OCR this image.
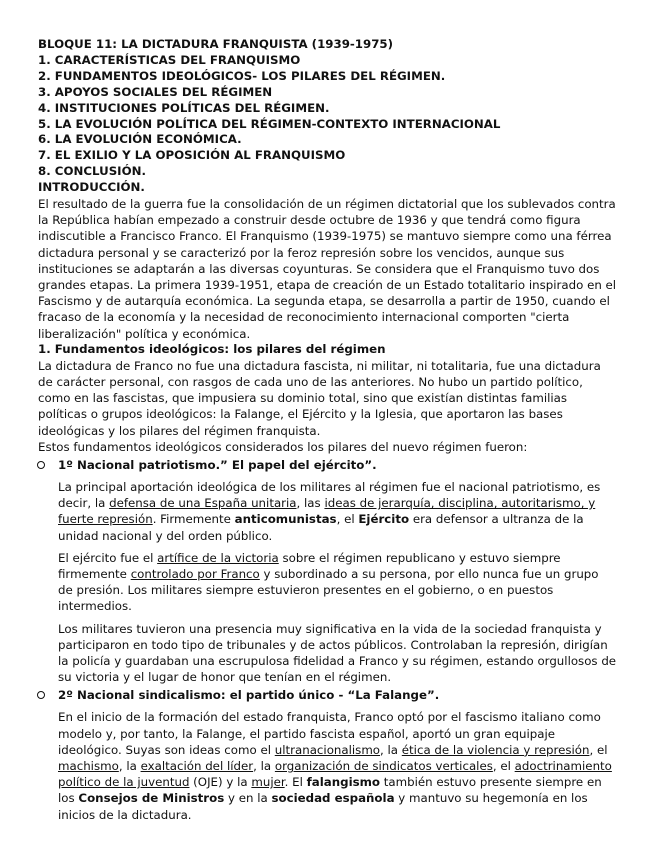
BLOQUE 11: LA DICTADURA FRANQUISTA (1939-1975)
1. CARACTERÍSTICAS DEL FRANQUISMO
2. FUNDAMENTOS IDEOLÓGICOS- LOS PILARES DEL RÉGIMEN.
3. APOYOS SOCIALES DEL RÉGIMEN
4. INSTITUCIONES POLÍTICAS DEL RÉGIMEN.
5. LA EVOLUCIÓN POLÍTICA DEL RÉGIMEN-CONTEXTO INTERNACIONAL
6. LA EVOLUCIÓN ECONÓMICA.
7. EL EXILIO Y LA OPOSICIÓN AL FRANQUISMO
8. CONCLUSIÓN.
INTRODUCCIÓN.
El resultado de la guerra fue la consolidación de un régimen dictatorial que los sublevados contra
la República habían empezado a construir desde octubre de 1936 y que tendrá como figura
indiscutible a Francisco Franco. El Franquismo (1939-1975) se mantuvo siempre como una férrea
dictadura personal y se caracterizó por la feroz represión sobre los vencidos, aunque sus
instituciones se adaptarán a las diversas coyunturas. Se considera que el Franquismo tuvo dos
grandes etapas. La primera 1939-1951, etapa de creación de un Estado totalitario inspirado en el
Fascismo y de autarquía económica. La segunda etapa, se desarrolla a partir de 1950, cuando el
fracaso de la economía y la necesidad de reconocimiento internacional comporten "cierta
liberalización" política y económica.
1. Fundamentos ideológicos: los pilares del régimen
La dictadura de Franco no fue una dictadura fascista, ni militar, ni totalitaria, fue una dictadura
de carácter personal, con rasgos de cada uno de las anteriores. No hubo un partido político,
como en las fascistas, que impusiera su dominio total, sino que existían distintas familias
políticas o grupos ideológicos: la Falange, el Ejército y la Iglesia, que aportaron las bases
ideológicas y los pilares del régimen franquista.
Estos fundamentos ideológicos considerados los pilares del nuevo régimen fueron:
1º Nacional patriotismo.” El papel del ejército”.
La principal aportación ideológica de los militares al régimen fue el nacional patriotismo, es
decir, la defensa de una España unitaria, las ideas de jerarquía, disciplina, autoritarismo, y
fuerte represión. Firmemente anticomunistas, el Ejército era defensor a ultranza de la
unidad nacional y del orden público.
El ejército fue el artífice de la victoria sobre el régimen republicano y estuvo siempre
firmemente controlado por Franco y subordinado a su persona, por ello nunca fue un grupo
de presión. Los militares siempre estuvieron presentes en el gobierno, o en puestos
intermedios.
Los militares tuvieron una presencia muy significativa en la vida de la sociedad franquista y
participaron en todo tipo de tribunales y de actos públicos. Controlaban la represión, dirigían
la policía y guardaban una escrupulosa fidelidad a Franco y su régimen, estando orgullosos de
su victoria y el lugar de honor que tenían en el régimen.
2º Nacional sindicalismo: el partido único - “La Falange”.
En el inicio de la formación del estado franquista, Franco optó por el fascismo italiano como
modelo y, por tanto, la Falange, el partido fascista español, aportó un gran equipaje
ideológico. Suyas son ideas como el ultranacionalismo, la ética de la violencia y represión, el
machismo, la exaltación del líder, la organización de sindicatos verticales, el adoctrinamiento
político de la juventud (OJE) y la mujer. El falangismo también estuvo presente siempre en
los Consejos de Ministros y en la sociedad española y mantuvo su hegemonía en los
inicios de la dictadura.
